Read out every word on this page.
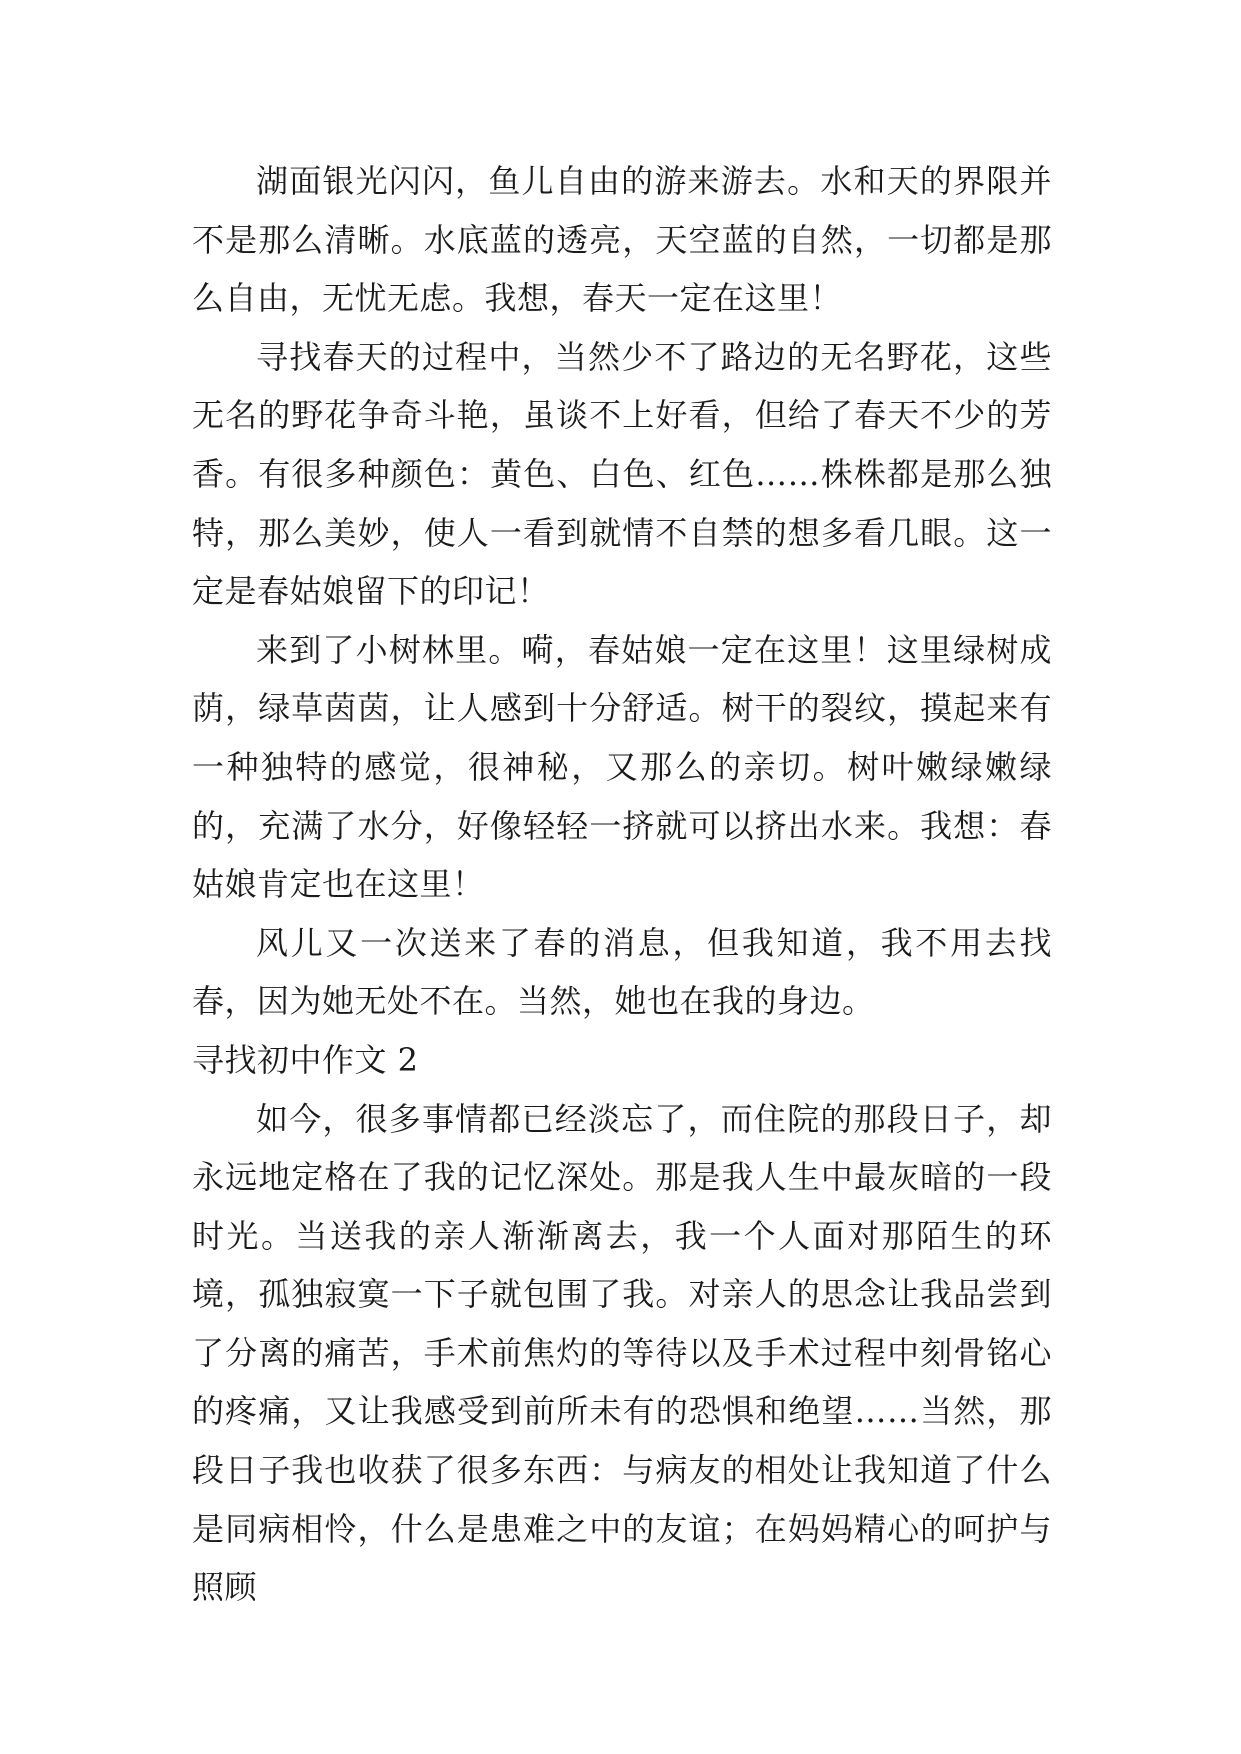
湖面银光闪闪，鱼儿自由的游来游去。水和天的界限并不是那么清晰。水底蓝的透亮，天空蓝的自然，一切都是那么自由，无忧无虑。我想，春天一定在这里！

寻找春天的过程中，当然少不了路边的无名野花，这些无名的野花争奇斗艳，虽谈不上好看，但给了春天不少的芳香。有很多种颜色：黄色、白色、红色……株株都是那么独特，那么美妙，使人一看到就情不自禁的想多看几眼。这一定是春姑娘留下的印记！

来到了小树林里。嗬，春姑娘一定在这里！这里绿树成荫，绿草茵茵，让人感到十分舒适。树干的裂纹，摸起来有一种独特的感觉，很神秘，又那么的亲切。树叶嫩绿嫩绿的，充满了水分，好像轻轻一挤就可以挤出水来。我想：春姑娘肯定也在这里！

风儿又一次送来了春的消息，但我知道，我不用去找春，因为她无处不在。当然，她也在我的身边。

寻找初中作文 2

如今，很多事情都已经淡忘了，而住院的那段日子，却永远地定格在了我的记忆深处。那是我人生中最灰暗的一段时光。当送我的亲人渐渐离去，我一个人面对那陌生的环境，孤独寂寞一下子就包围了我。对亲人的思念让我品尝到了分离的痛苦，手术前焦灼的等待以及手术过程中刻骨铭心的疼痛，又让我感受到前所未有的恐惧和绝望……当然，那段日子我也收获了很多东西：与病友的相处让我知道了什么是同病相怜，什么是患难之中的友谊；在妈妈精心的呵护与照顾
